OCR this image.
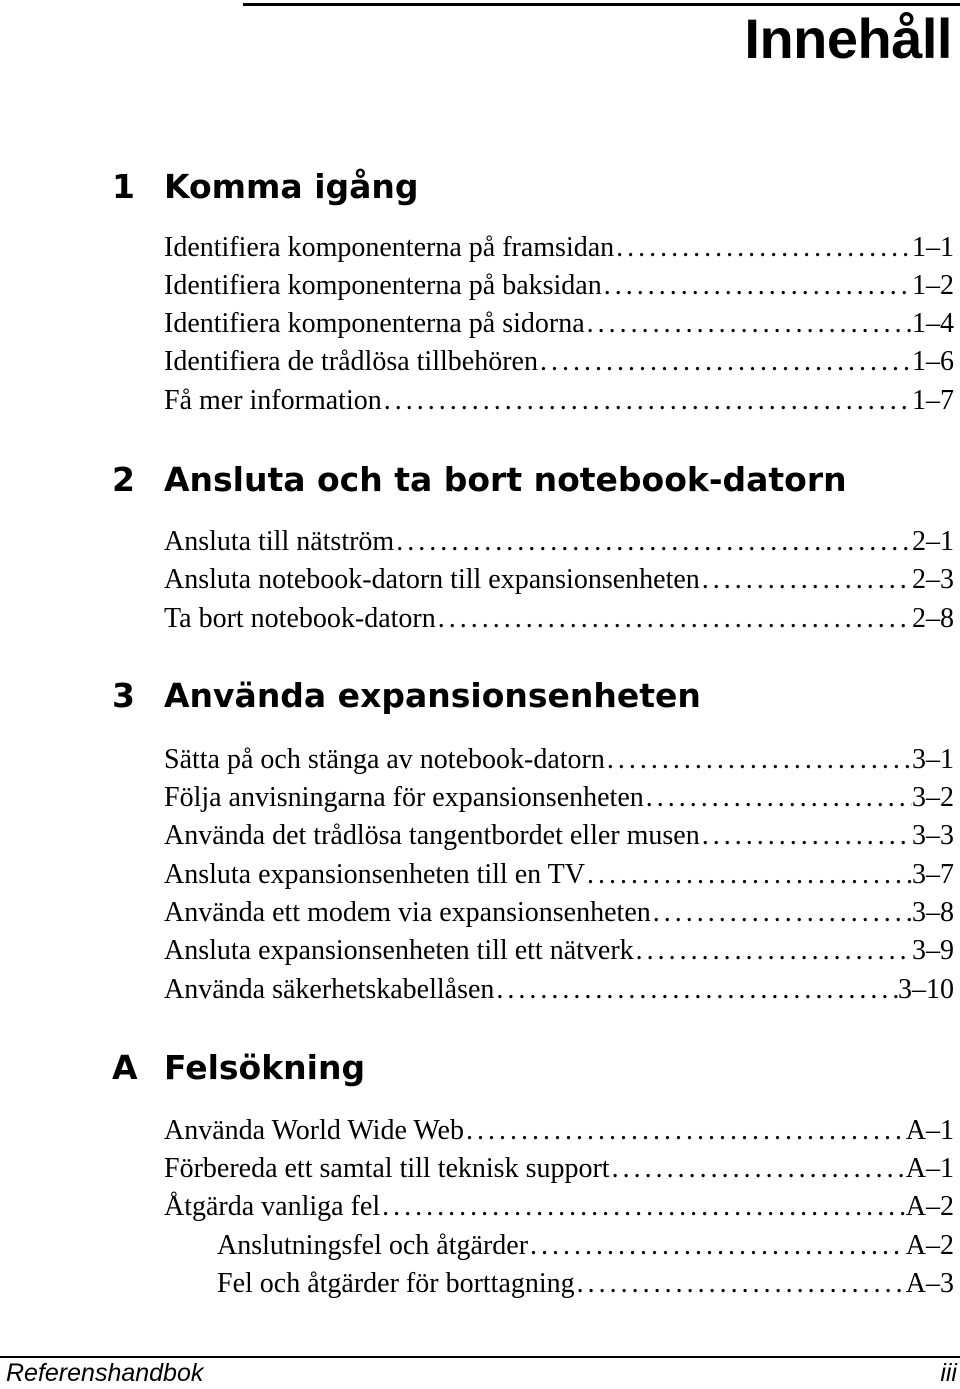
Innehåll
1 Komma igång
Identifiera komponenterna på framsidan . . .	1–1
Identifiera komponenterna på baksidan . . .	1–2
Identifiera komponenterna på sidorna . . .	1–4
Identifiera de trådlösa tillbehören . . .	1–6
Få mer information . . .	1–7
2 Ansluta och ta bort notebook-datorn
Ansluta till nätström . . .	2–1
Ansluta notebook-datorn till expansionsenheten . . .	2–3
Ta bort notebook-datorn . . .	2–8
3 Använda expansionsenheten
Sätta på och stänga av notebook-datorn . . .	3–1
Följa anvisningarna för expansionsenheten . . .	3–2
Använda det trådlösa tangentbordet eller musen . . .	3–3
Ansluta expansionsenheten till en TV . . .	3–7
Använda ett modem via expansionsenheten . . .	3–8
Ansluta expansionsenheten till ett nätverk . . .	3–9
Använda säkerhetskabellåsen . . .	3–10
A Felsökning
Använda World Wide Web . . .	A–1
Förbereda ett samtal till teknisk support . . .	A–1
Åtgärda vanliga fel . . .	A–2
Anslutningsfel och åtgärder . . .	A–2
Fel och åtgärder för borttagning . . .	A–3
Referenshandbok	iii
